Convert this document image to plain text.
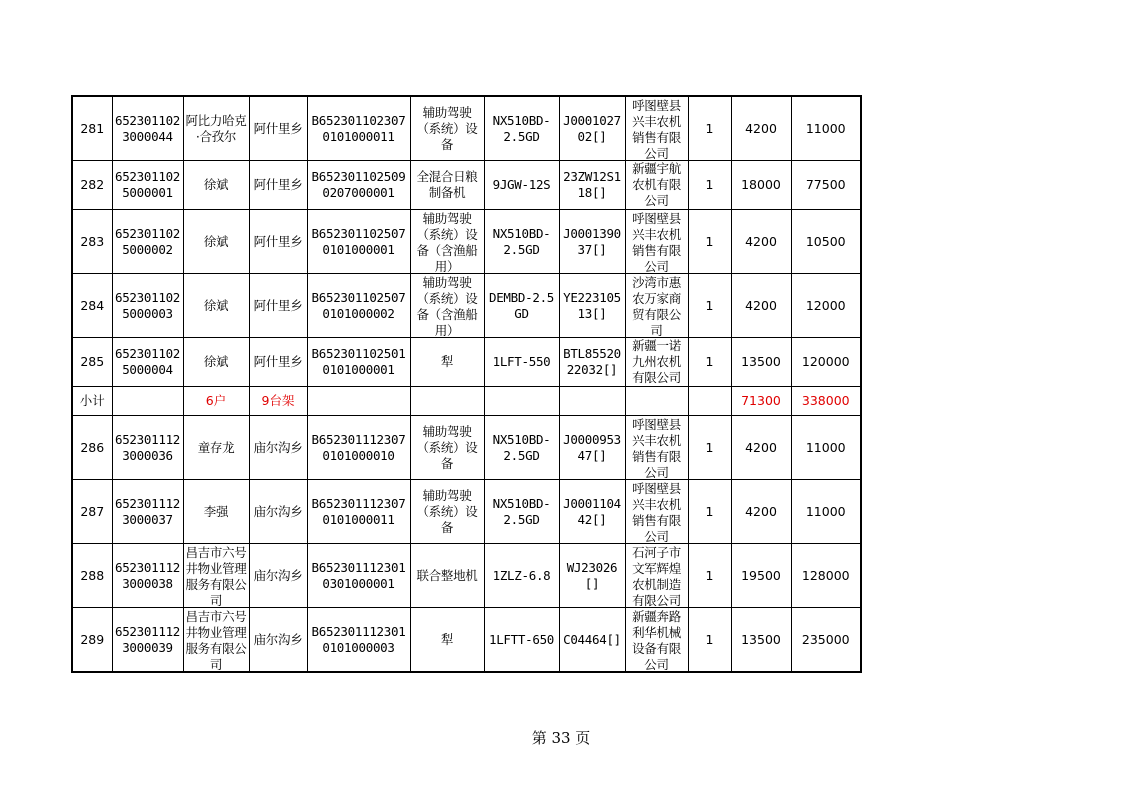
281	6523011023000044	阿比力哈克·合孜尔	阿什里乡	B6523011023070101000011	辅助驾驶（系统）设备	NX510BD-2.5GD	J000102702[]	呼图壁县兴丰农机销售有限公司	1	4200	11000

282	6523011025000001	徐斌	阿什里乡	B6523011025090207000001	全混合日粮制备机	9JGW-12S	23ZW12S118[]	新疆宇航农机有限公司	1	18000	77500

283	6523011025000002	徐斌	阿什里乡	B6523011025070101000001	辅助驾驶（系统）设备（含渔船用）	NX510BD-2.5GD	J000139037[]	呼图壁县兴丰农机销售有限公司	1	4200	10500

284	6523011025000003	徐斌	阿什里乡	B6523011025070101000002	辅助驾驶（系统）设备（含渔船用）	DEMBD-2.5GD	YE22310513[]	沙湾市惠农万家商贸有限公司	1	4200	12000

285	6523011025000004	徐斌	阿什里乡	B6523011025010101000001	犁	1LFT-550	BTL8552022032[]	新疆一诺九州农机有限公司	1	13500	120000

小计		6户	9台架							71300	338000

286	6523011123000036	童存龙	庙尔沟乡	B6523011123070101000010	辅助驾驶（系统）设备	NX510BD-2.5GD	J000095347[]	呼图壁县兴丰农机销售有限公司	1	4200	11000

287	6523011123000037	李强	庙尔沟乡	B6523011123070101000011	辅助驾驶（系统）设备	NX510BD-2.5GD	J000110442[]	呼图壁县兴丰农机销售有限公司	1	4200	11000

288	6523011123000038	昌吉市六号井物业管理服务有限公司	庙尔沟乡	B6523011123010301000001	联合整地机	1ZLZ-6.8	WJ23026[]	石河子市文军辉煌农机制造有限公司	1	19500	128000

289	6523011123000039	昌吉市六号井物业管理服务有限公司	庙尔沟乡	B6523011123010101000003	犁	1LFTT-650	C04464[]	新疆奔路利华机械设备有限公司	1	13500	235000
第 33 页
